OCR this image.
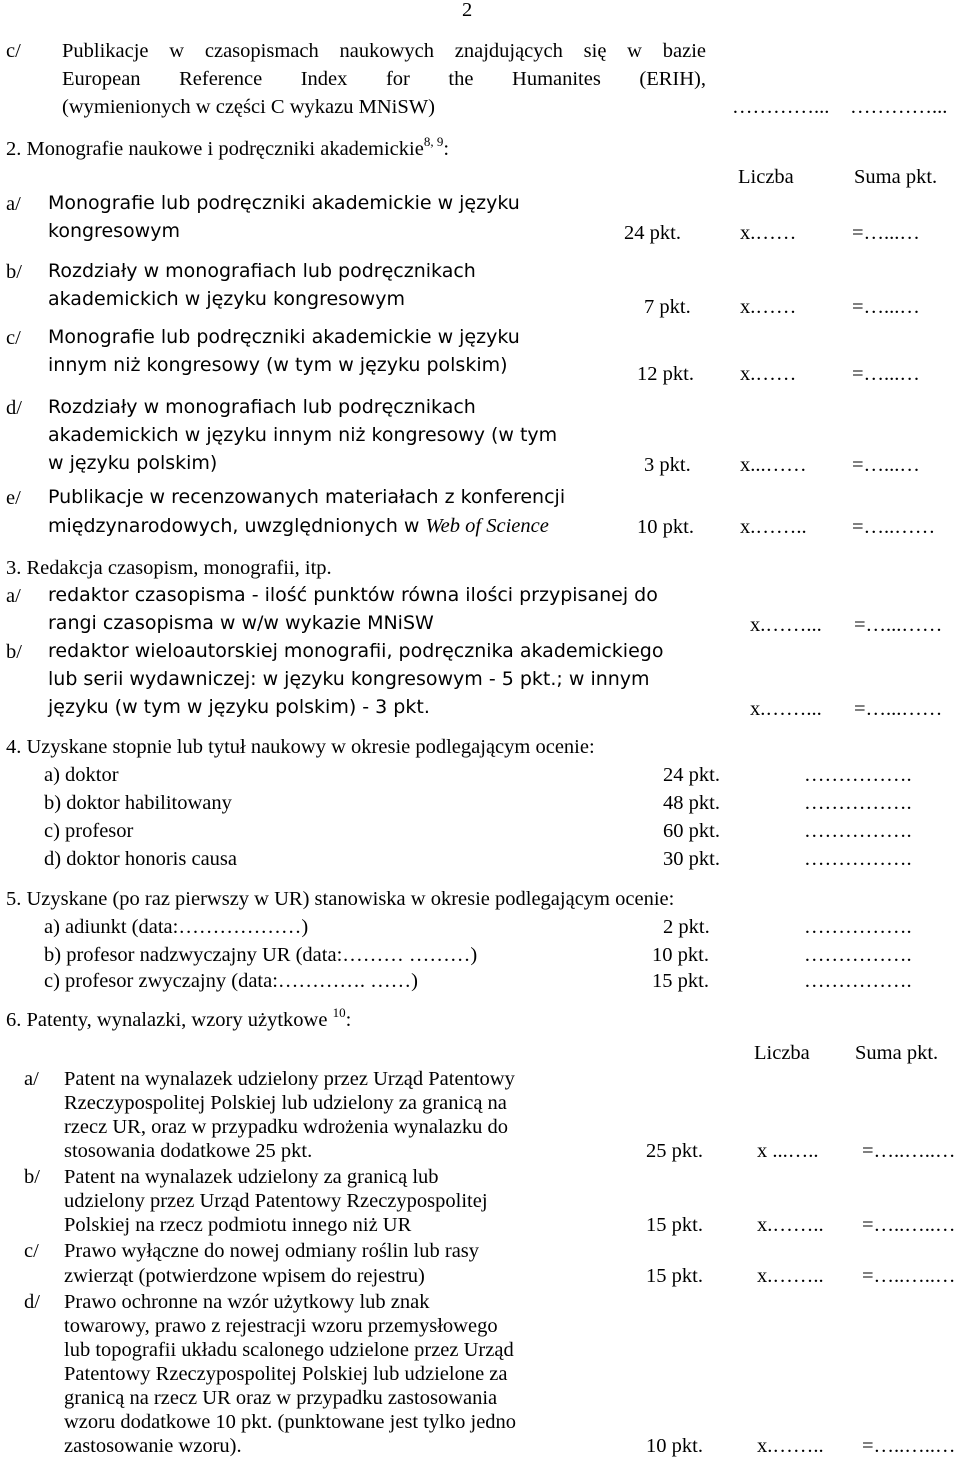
2
c/ Publikacje w czasopismach naukowych znajdujących się w bazie
European Reference Index for the Humanites (ERIH),
(wymienionych w części C wykazu MNiSW)	…………... …………...
2. Monografie naukowe i podręczniki akademickie$^{8, 9}$:
Liczba	Suma pkt.
a/ Monografie lub podręczniki akademickie w języku
kongresowym	24 pkt.	x.……	=…...…
b/ Rozdziały w monografiach lub podręcznikach
akademickich w języku kongresowym	7 pkt. x.……	=…...…
c/ Monografie lub podręczniki akademickie w języku
innym niż kongresowy (w tym w języku polskim)	12 pkt. x.……	=…...…
d/ Rozdziały w monografiach lub podręcznikach
akademickich w języku innym niż kongresowy (w tym
w języku polskim)	3 pkt. x...…… =…...…
e/ Publikacje w recenzowanych materiałach z konferencji
międzynarodowych, uwzględnionych w Web of Science	10 pkt. x.…….. =…..……
3. Redakcja czasopism, monografii, itp.
a/ redaktor czasopisma - ilość punktów równa ilości przypisanej do
rangi czasopisma w w/w wykazie MNiSW	x.……... =…...……
b/ redaktor wieloautorskiej monografii, podręcznika akademickiego
lub serii wydawniczej: w języku kongresowym - 5 pkt.; w innym
języku (w tym w języku polskim) - 3 pkt.	x.……... =…...……
4. Uzyskane stopnie lub tytuł naukowy w okresie podlegającym ocenie:
a) doktor	24 pkt.	…………….
b) doktor habilitowany	48 pkt.	…………….
c) profesor	60 pkt.	…………….
d) doktor honoris causa	30 pkt.	…………….
5. Uzyskane (po raz pierwszy w UR) stanowiska w okresie podlegającym ocenie:
a) adiunkt (data:………………)	2 pkt.	…………….
b) profesor nadzwyczajny UR (data:……… ………)	10 pkt.	…………….
c) profesor zwyczajny (data:…………. ……)	15 pkt.	…………….
6. Patenty, wynalazki, wzory użytkowe $^{10}$:
Liczba Suma pkt.
a/ Patent na wynalazek udzielony przez Urząd Patentowy
Rzeczypospolitej Polskiej lub udzielony za granicą na
rzecz UR, oraz w przypadku wdrożenia wynalazku do
stosowania dodatkowe 25 pkt.	25 pkt.	x ...….. =…..…..…
b/ Patent na wynalazek udzielony za granicą lub
udzielony przez Urząd Patentowy Rzeczypospolitej
Polskiej na rzecz podmiotu innego niż UR	15 pkt.	x.…….. =…..…..…
c/ Prawo wyłączne do nowej odmiany roślin lub rasy
zwierząt (potwierdzone wpisem do rejestru)	15 pkt.	x.…….. =…..…..…
d/ Prawo ochronne na wzór użytkowy lub znak
towarowy, prawo z rejestracji wzoru przemysłowego
lub topografii układu scalonego udzielone przez Urząd
Patentowy Rzeczypospolitej Polskiej lub udzielone za
granicą na rzecz UR oraz w przypadku zastosowania
wzoru dodatkowe 10 pkt. (punktowane jest tylko jedno
zastosowanie wzoru).	10 pkt.	x.…….. =…..…..…
